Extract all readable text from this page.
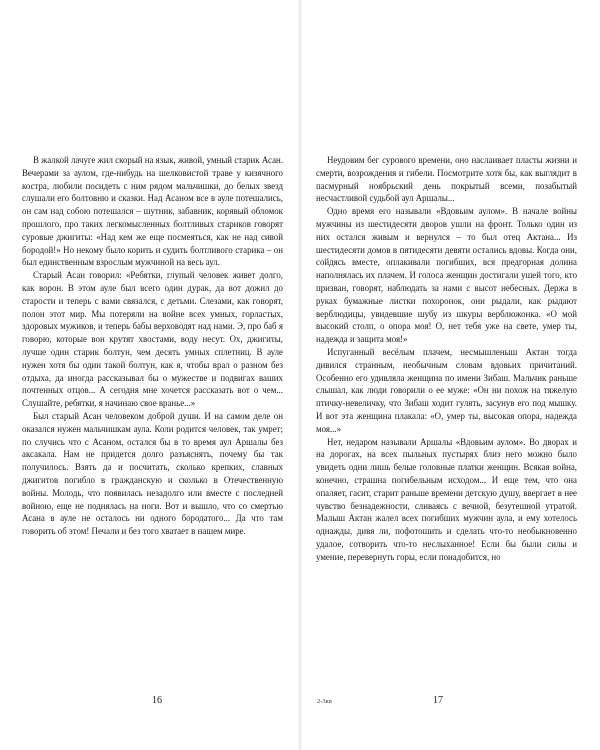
В жалкой лачуге жил скорый на язык, живой, умный старик Асан. Вечерами за аулом, где-нибудь на шелковистой траве у кизячного костра, любили посидеть с ним рядом мальчишки, до белых звезд слушали его болтовню и сказки. Над Асаном все в ауле потешались, он сам над собою потешался – шутник, забавник, корявый обломок прошлого, про таких легкомысленных болтливых стариков говорят суровые джигиты: «Над кем же еще посмеяться, как не над сивой бородой!» Но некому было корить и судить болтливого старика – он был единственным взрослым мужчиной на весь аул.

Старый Асан говорил: «Ребятки, глупый человек живет долго, как ворон. В этом ауле был всего один дурак, да вот дожил до старости и теперь с вами связался, с детьми. Слезами, как говорят, полон этот мир. Мы потеряли на войне всех умных, горластых, здоровых мужиков, и теперь бабы верховодят над нами. Э, про баб я говорю, которые вон крутят хвостами, воду несут. Ох, джигиты, лучше один старик болтун, чем десять умных сплетниц. В ауле нужен хотя бы один такой болтун, как я, чтобы врал о разном без отдыха, да иногда рассказывал бы о мужестве и подвигах ваших почтенных отцов... А сегодня мне хочется рассказать вот о чем... Слушайте, ребятки, я начинаю свое вранье...»

Был старый Асан человеком доброй души. И на самом деле он оказался нужен мальчишкам аула. Коли родится человек, так умрет; по случись что с Асаном, остался бы в то время аул Аршалы без аксакала. Нам не придется долго разъяснять, почему бы так получилось. Взять да и посчитать, сколько крепких, славных джигитов погибло в гражданскую и сколько в Отечественную войны. Молодь, что появилась незадолго или вместе с последней войною, еще не поднялась на ноги. Вот и вышло, что со смертью Асана в ауле не осталось ни одного бородатого... Да что там говорить об этом! Печали и без того хватает в нашем мире.

16

Неудовим бег сурового времени, оно наслаивает пласты жизни и смерти, возрождения и гибели. Посмотрите хотя бы, как выглядит в пасмурный ноябрьский день покрытый всеми, позабытый несчастливой судьбой аул Аршалы...

Одно время его называли «Вдовьим аулом». В начале войны мужчины из шестидесяти дворов ушли на фронт. Только один из них остался живым и вернулся – то был отец Актана... Из шестидесяти домов в пятидесяти девяти остались вдовы. Когда они, сойдясь вместе, оплакивали погибших, вся предгорная долина наполнялась их плачем. И голоса женщин достигали ушей того, кто призван, говорят, наблюдать за нами с высот небесных. Держа в руках бумажные листки похоронок, они рыдали, как рыдают верблюдицы, увидевшие шубу из шкуры верблюжонка. «О мой высокий столп, о опора моя! О, нет тебя уже на свете, умер ты, надежда и защита моя!»

Испуганный весёлым плачем, несмышленыш Актан тогда дивился странным, необычным словам вдовьих причитаний. Особенно его удивляла женщина по имени Зибаш. Мальчик раньше слышал, как люди говорили о ее муже: «Он ни похож на тяжелую птичку-невеличку, что Зибаш ходит гулять, засунув его под мышку. И вот эта женщина плакала: «О, умер ты, высокая опора, надежда моя...»

Нет, недаром называли Аршалы «Вдовьим аулом». Во дворах и на дорогах, на всех пыльных пустырях близ него можно было увидеть одни лишь белые головные платки женщин. Всякая война, конечно, страшна погибельным исходом... И еще тем, что она опаляет, гасит, старит раньше времени детскую душу, ввергает в нее чувство безнадежности, сливаясь с вечной, безутешной утратой. Малыш Актан жалел всех погибших мужчин аула, и ему хотелось однажды, дивя ли, пофотошить и сделать что-то необыкновенно удалое, сотворить что-то неслыханное! Если бы были силы и умение, перевернуть горы, если понадобится, но

2-3кв	17
